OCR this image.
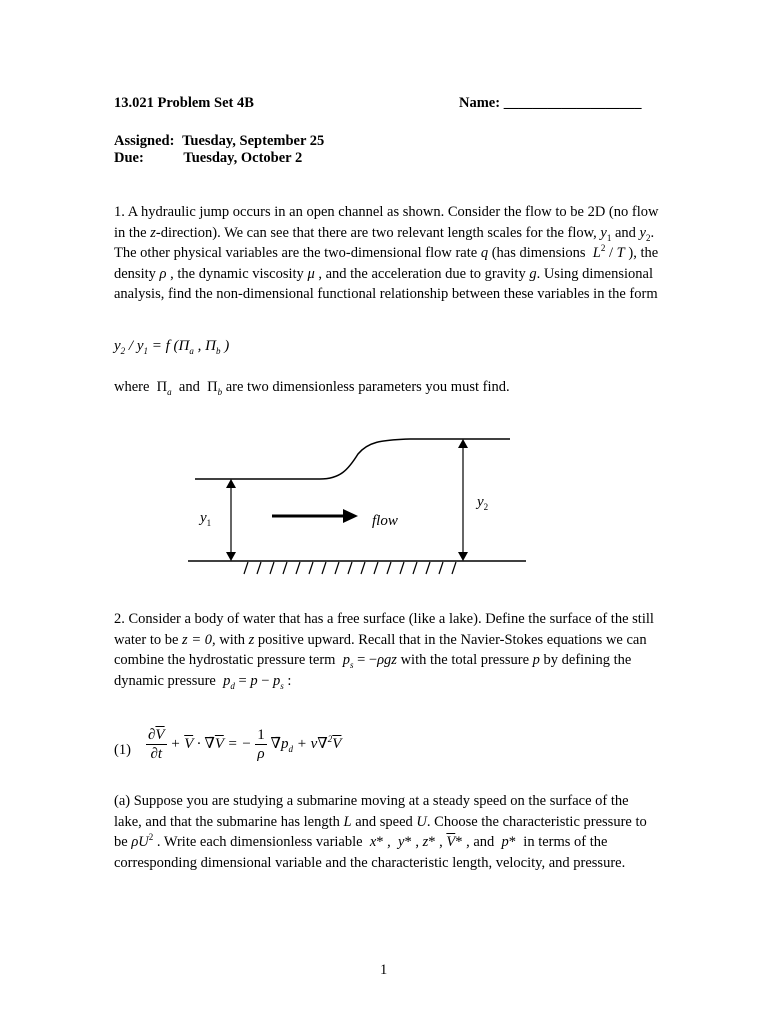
13.021 Problem Set 4B	Name: ___________________
Assigned: Tuesday, September 25
Due:	Tuesday, October 2

1. A hydraulic jump occurs in an open channel as shown. Consider the flow to be 2D (no flow in the z-direction). We can see that there are two relevant length scales for the flow, $y_1$ and $y_2$. The other physical variables are the two-dimensional flow rate q (has dimensions $L^2$ / T ), the density ρ , the dynamic viscosity μ , and the acceleration due to gravity g. Using dimensional analysis, find the non-dimensional functional relationship between these variables in the form

$y_2 / y_1 = f$ ($\Pi_a$ , $\Pi_b$ )
where  $\Pi_a$ and  $\Pi_b$ are two dimensionless parameters you must find.
$y_1$
$y_2$
flow

2. Consider a body of water that has a free surface (like a lake). Define the surface of the still water to be z = 0, with z positive upward. Recall that in the Navier-Stokes equations we can combine the hydrostatic pressure term $p_s = -\rho gz$ with the total pressure p by defining the dynamic pressure $p_d = p - p_s$ :

$(1) \frac{\partial\overline{V}}{\partial t} + \overline{V}$ · $\nablā\overline{V}$ = − $\frac{1}{\rho}$ $\nablāp_d + \nu\nabla^2\overline{V}$

(a) Suppose you are studying a submarine moving at a steady speed on the surface of the lake, and that the submarine has length L and speed U. Choose the characteristic pressure to be $\rho U^2$ . Write each dimensionless variable x* ,  y* , z* , $\overline{V}*$ , and p*  in terms of the corresponding dimensional variable and the characteristic length, velocity, and pressure.

1
